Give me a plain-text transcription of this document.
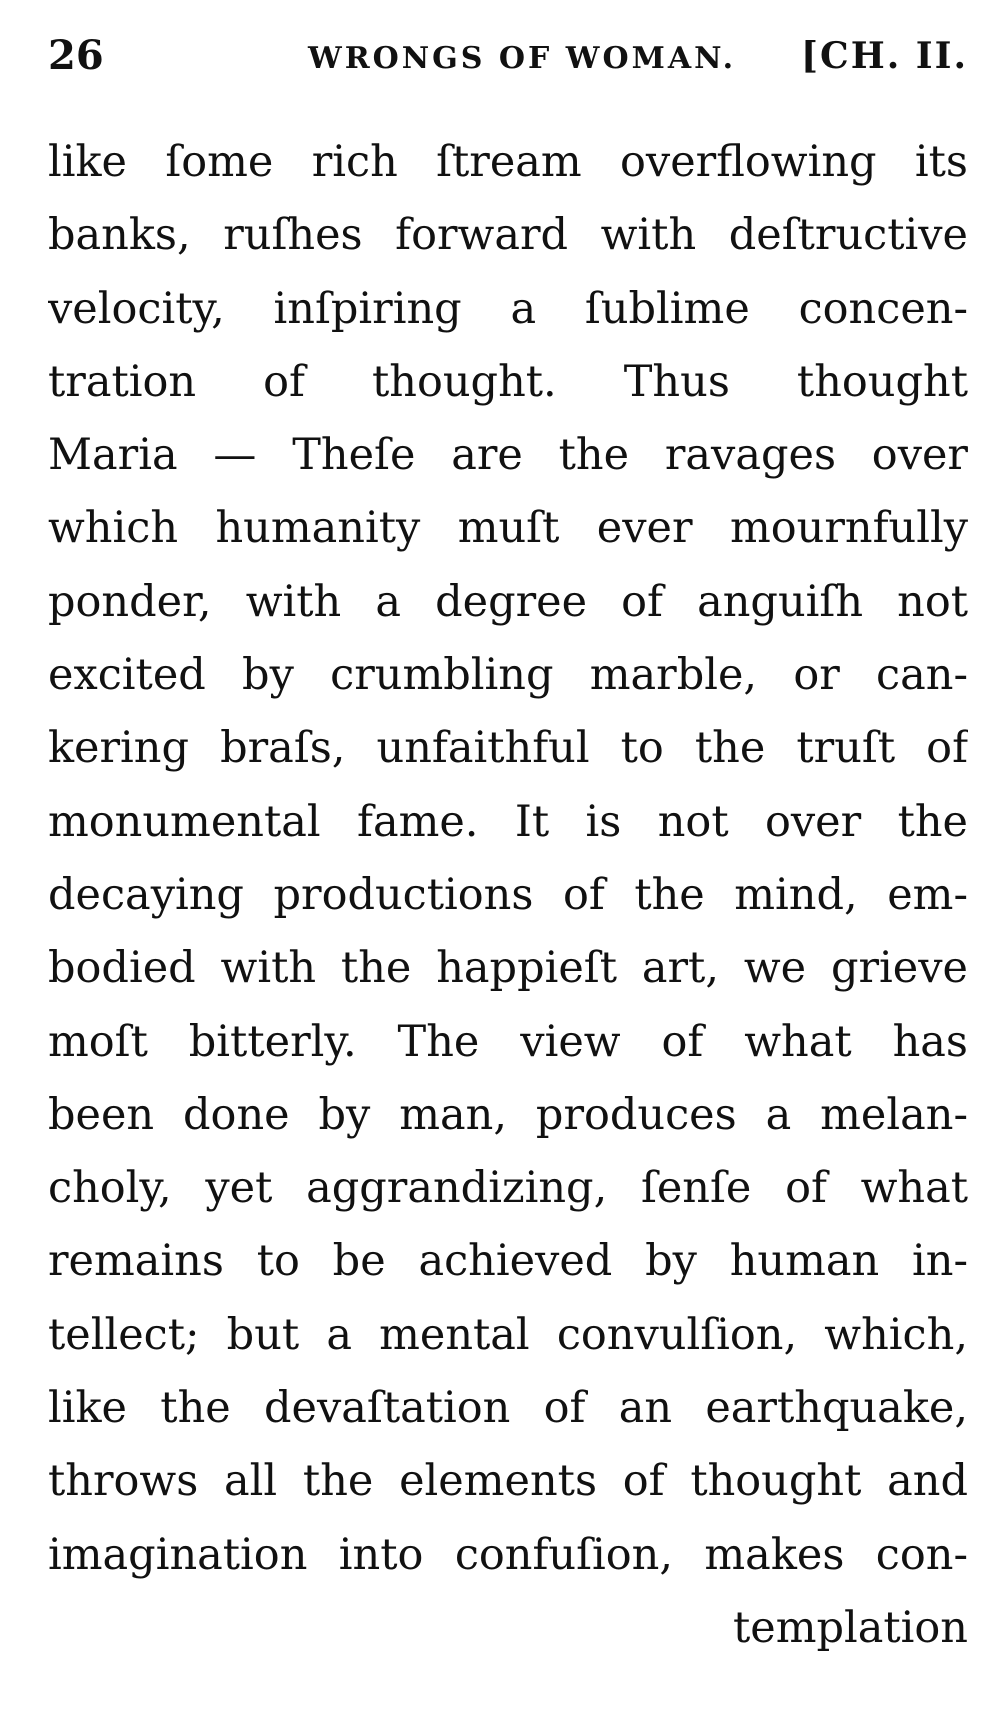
26	WRONGS OF WOMAN. [CH. II.
like ſome rich ſtream overflowing its
banks, ruſhes forward with deſtructive
velocity, inſpiring a ſublime concen-
tration of thought. Thus thought
Maria — Theſe are the ravages over
which humanity muſt ever mournfully
ponder, with a degree of anguiſh not
excited by crumbling marble, or can-
kering braſs, unfaithful to the truſt of
monumental fame. It is not over the
decaying productions of the mind, em-
bodied with the happieſt art, we grieve
moſt bitterly. The view of what has
been done by man, produces a melan-
choly, yet aggrandizing, ſenſe of what
remains to be achieved by human in-
tellect; but a mental convulſion, which,
like the devaſtation of an earthquake,
throws all the elements of thought and
imagination into confuſion, makes con-
templation
